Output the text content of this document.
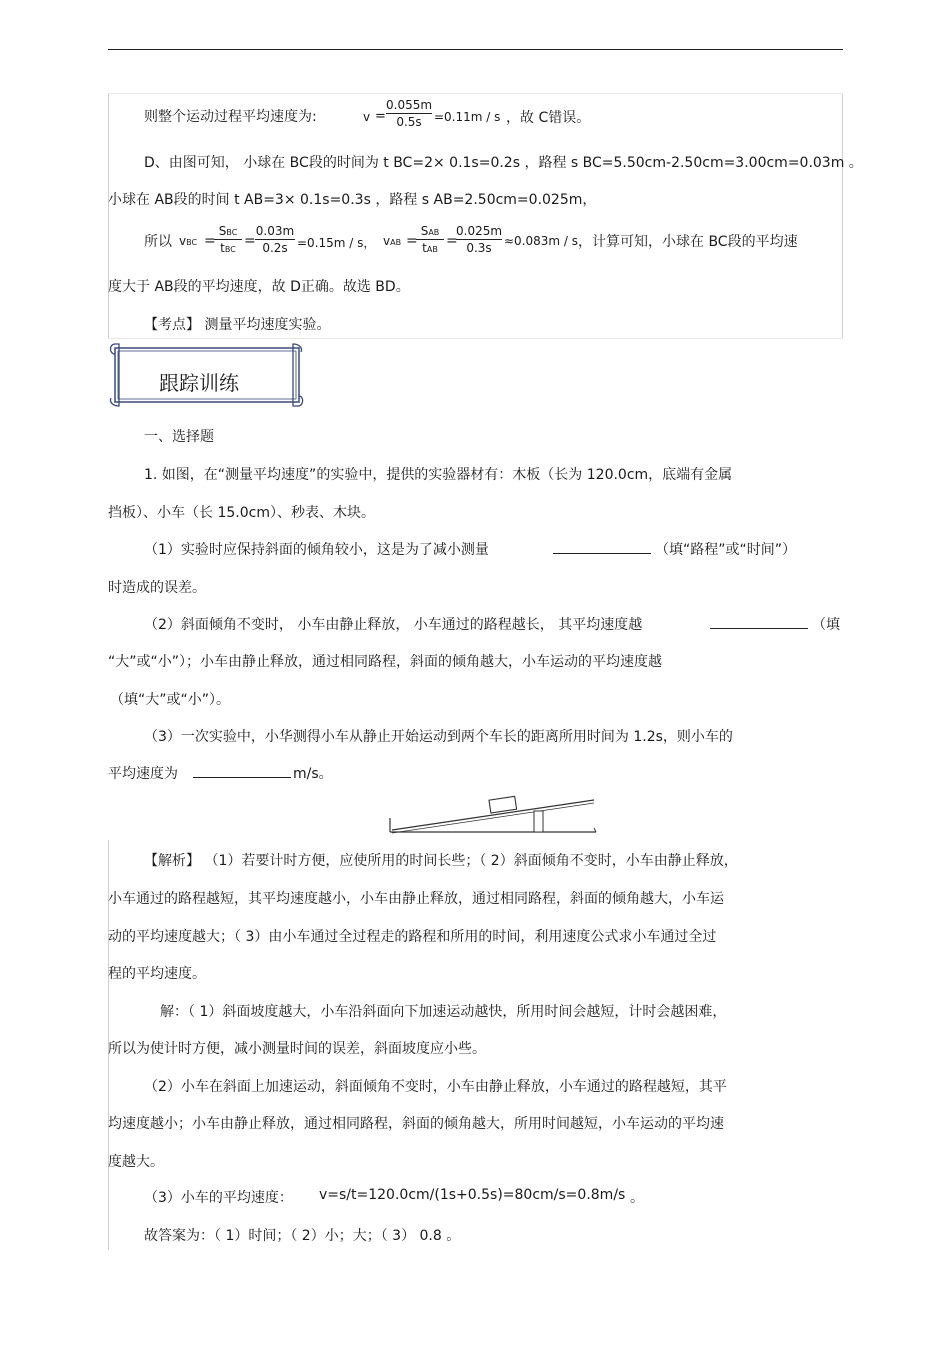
则整个运动过程平均速度为:	v =
0.055m
0.5s	=0.11m / s ，故 C错误。
D、由图可知， 小球在 BC段的时间为 t BC=2× 0.1s=0.2s ，路程 s BC=5.50cm-2.50cm=3.00cm=0.03m 。
小球在 AB段的时间 t AB=3× 0.1s=0.3s ，路程 s AB=2.50cm=0.025m，
所以 vBC =
SBC
tBC
=
0.03m
0.2s =0.15m / s， vAB =
SAB
tAB
=
0.025m
0.3s	≈0.083m / s ，计算可知，小球在 BC段的平均速
度大于 AB段的平均速度，故 D正确。故选 BD。
【考点】 测量平均速度实验。
跟踪训练
一、选择题
1. 如图，在“测量平均速度”的实验中，提供的实验器材有：木板（长为 120.0cm，底端有金属
挡板）、小车（长 15.0cm）、秒表、木块。
（1）实验时应保持斜面的倾角较小，这是为了减小测量	（填“路程”或“时间”）
时造成的误差。
（2）斜面倾角不变时， 小车由静止释放， 小车通过的路程越长， 其平均速度越	（填
“大”或“小”）；小车由静止释放，通过相同路程，斜面的倾角越大，小车运动的平均速度越
（填“大”或“小”）。
（3）一次实验中，小华测得小车从静止开始运动到两个车长的距离所用时间为 1.2s，则小车的
平均速度为	m/s。
【解析】 （1）若要计时方便，应使所用的时间长些；（ 2）斜面倾角不变时，小车由静止释放，
小车通过的路程越短，其平均速度越小，小车由静止释放，通过相同路程，斜面的倾角越大，小车运
动的平均速度越大；（ 3）由小车通过全过程走的路程和所用的时间，利用速度公式求小车通过全过
程的平均速度。
解：（ 1）斜面坡度越大，小车沿斜面向下加速运动越快，所用时间会越短，计时会越困难，
所以为使计时方便，减小测量时间的误差，斜面坡度应小些。
（2）小车在斜面上加速运动，斜面倾角不变时，小车由静止释放，小车通过的路程越短，其平
均速度越小；小车由静止释放，通过相同路程，斜面的倾角越大，所用时间越短，小车运动的平均速
度越大。
（3）小车的平均速度： v=s/t=120.0cm/(1s+0.5s)=80cm/s=0.8m/s 。
故答案为：（ 1）时间；（ 2）小；大；（ 3） 0.8 。
